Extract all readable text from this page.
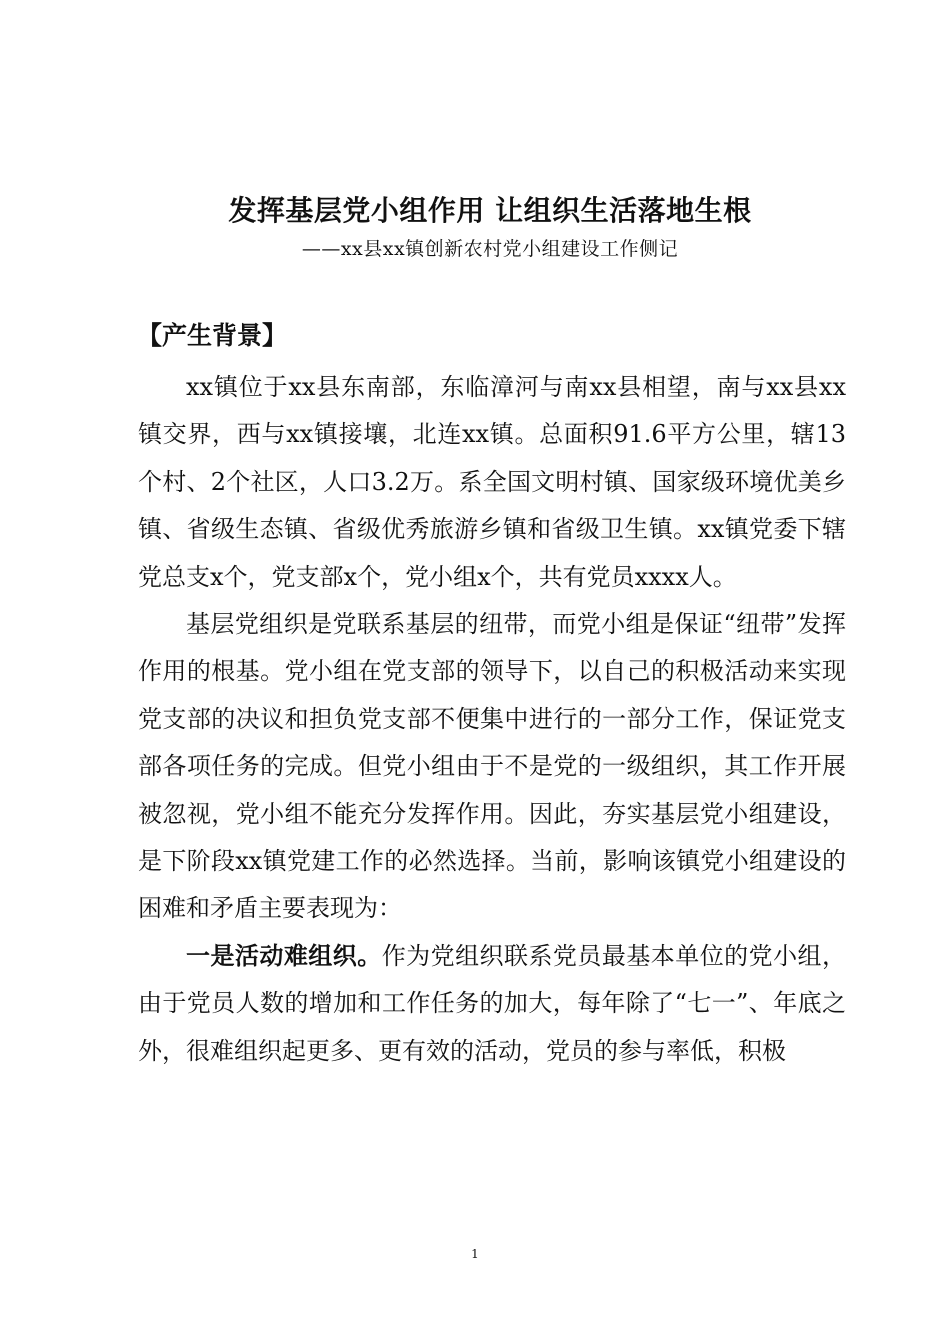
发挥基层党小组作用 让组织生活落地生根
——xx县xx镇创新农村党小组建设工作侧记
【产生背景】

xx镇位于xx县东南部，东临漳河与南xx县相望，南与xx县xx镇交界，西与xx镇接壤，北连xx镇。总面积91.6平方公里，辖13个村、2个社区，人口3.2万。系全国文明村镇、国家级环境优美乡镇、省级生态镇、省级优秀旅游乡镇和省级卫生镇。xx镇党委下辖党总支x个，党支部x个，党小组x个，共有党员xxxx人。

基层党组织是党联系基层的纽带，而党小组是保证“纽带”发挥作用的根基。党小组在党支部的领导下，以自己的积极活动来实现党支部的决议和担负党支部不便集中进行的一部分工作，保证党支部各项任务的完成。但党小组由于不是党的一级组织，其工作开展被忽视，党小组不能充分发挥作用。因此，夯实基层党小组建设，是下阶段xx镇党建工作的必然选择。当前，影响该镇党小组建设的困难和矛盾主要表现为：

一是活动难组织。作为党组织联系党员最基本单位的党小组，由于党员人数的增加和工作任务的加大，每年除了“七一”、年底之外，很难组织起更多、更有效的活动，党员的参与率低，积极

1
